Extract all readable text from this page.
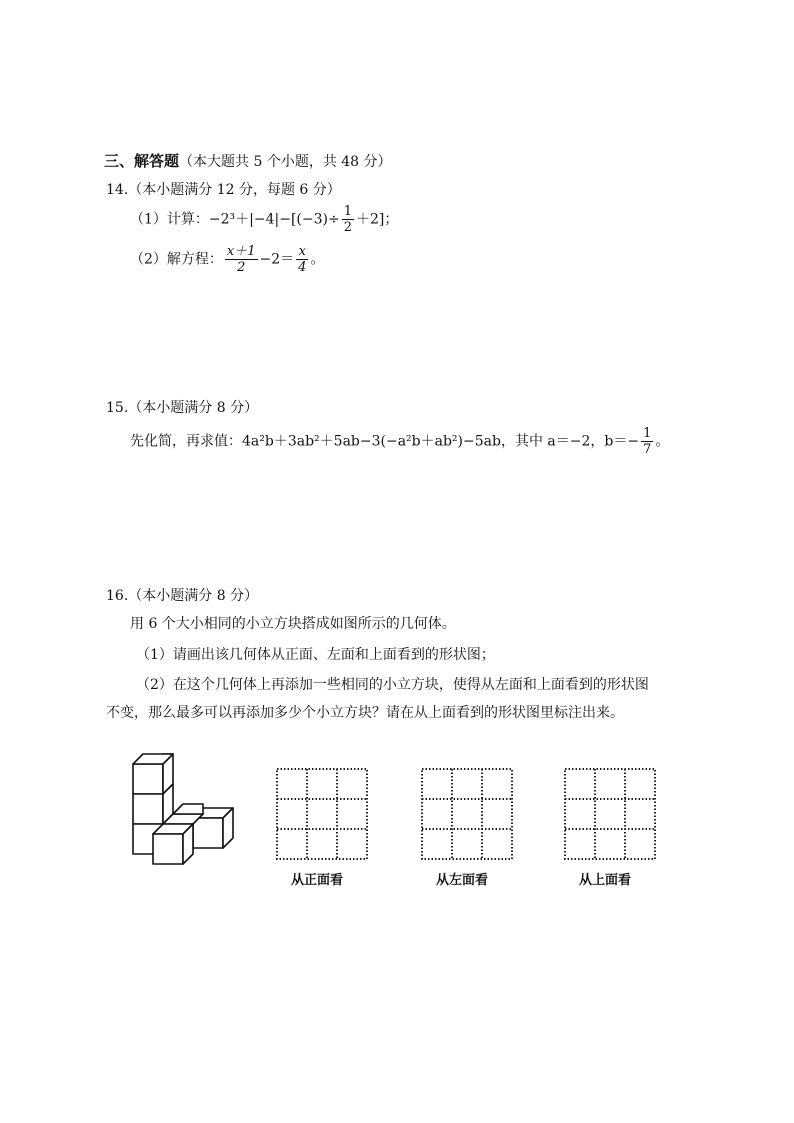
三、解答题（本大题共 5 个小题，共 48 分）
14.（本小题满分 12 分，每题 6 分）
（1）计算：$-2^3+|-4|-[(-3)\div \frac{1}{2} +2]$；
（2）解方程： $\frac{x+1}{2} -2= \frac{x}{4}$ 。
15.（本小题满分 8 分）
先化简，再求值：4a²b＋3ab²＋5ab−3(−a²b＋ab²)−5ab，其中 a＝−2，$b=- \frac{1}{7}$ 。
16.（本小题满分 8 分）
用 6 个大小相同的小立方块搭成如图所示的几何体。
（1）请画出该几何体从正面、左面和上面看到的形状图；
（2）在这个几何体上再添加一些相同的小立方块，使得从左面和上面看到的形状图
不变，那么最多可以再添加多少个小立方块？请在从上面看到的形状图里标注出来。
从正面看	从左面看	从上面看
